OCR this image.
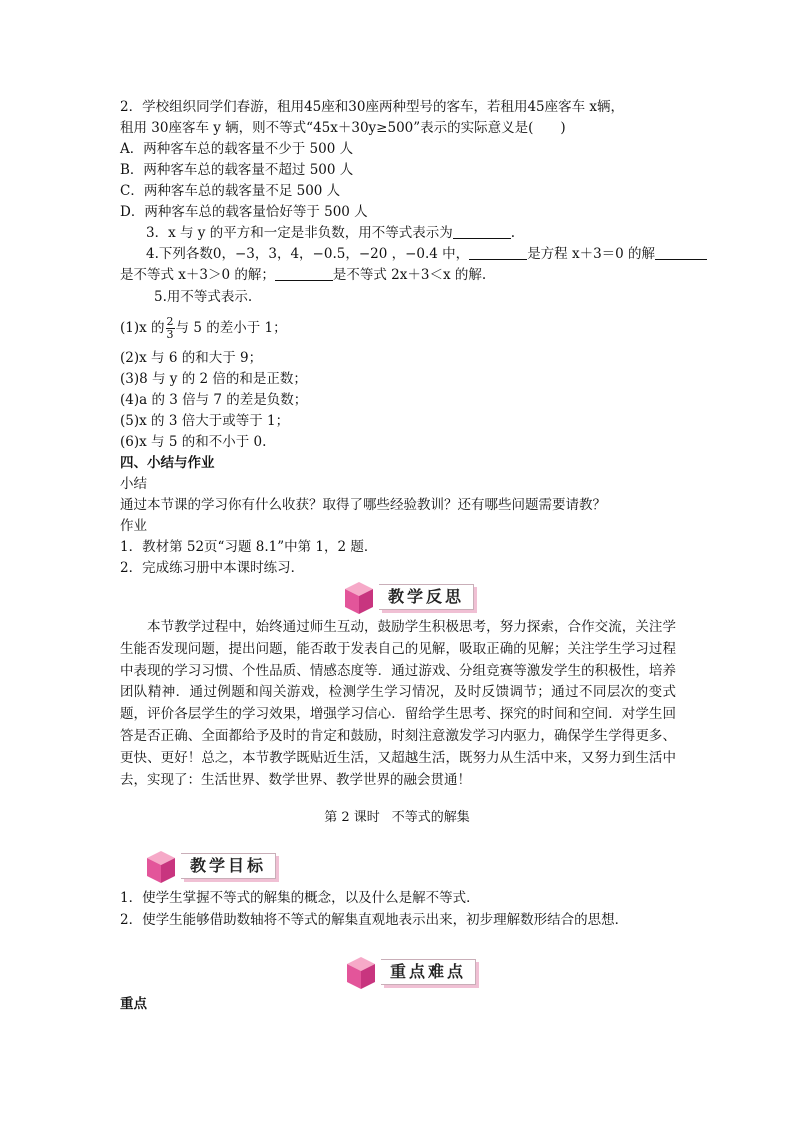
2．学校组织同学们春游，租用45座和30座两种型号的客车，若租用45座客车 x辆，
租用 30座客车 y 辆，则不等式“45x＋30y≥500”表示的实际意义是(　　)
A．两种客车总的载客量不少于 500 人
B．两种客车总的载客量不超过 500 人
C．两种客车总的载客量不足 500 人
D．两种客车总的载客量恰好等于 500 人
3．x 与 y 的平方和一定是非负数，用不等式表示为	.
4.下列各数0，−3，3，4，−0.5，−20 ，−0.4 中，	是方程 x＋3＝0 的解
是不等式 x＋3＞0 的解；	是不等式 2x＋3＜x 的解.
5.用不等式表示.
(1)x 的 $\frac{2}{3}$ 与 5 的差小于 1；
(2)x 与 6 的和大于 9；
(3)8 与 y 的 2 倍的和是正数；
(4)a 的 3 倍与 7 的差是负数；
(5)x 的 3 倍大于或等于 1；
(6)x 与 5 的和不小于 0.
四、小结与作业
小结
通过本节课的学习你有什么收获？取得了哪些经验教训？还有哪些问题需要请教？
作业
1．教材第 52页“习题 8.1”中第 1，2 题．
2．完成练习册中本课时练习．
教学反思
本节教学过程中，始终通过师生互动，鼓励学生积极思考，努力探索，合作交流，关注学生能否发现问题，提出问题，能否敢于发表自己的见解，吸取正确的见解；关注学生学习过程中表现的学习习惯、个性品质、情感态度等．通过游戏、分组竞赛等激发学生的积极性，培养团队精神．通过例题和闯关游戏，检测学生学习情况，及时反馈调节；通过不同层次的变式题，评价各层学生的学习效果，增强学习信心．留给学生思考、探究的时间和空间．对学生回答是否正确、全面都给予及时的肯定和鼓励，时刻注意激发学习内驱力，确保学生学得更多、更快、更好！总之，本节教学既贴近生活，又超越生活，既努力从生活中来，又努力到生活中去，实现了：生活世界、数学世界、教学世界的融会贯通！
第 2 课时 不等式的解集
教学目标
1．使学生掌握不等式的解集的概念，以及什么是解不等式．
2．使学生能够借助数轴将不等式的解集直观地表示出来，初步理解数形结合的思想．
重点难点
重点
